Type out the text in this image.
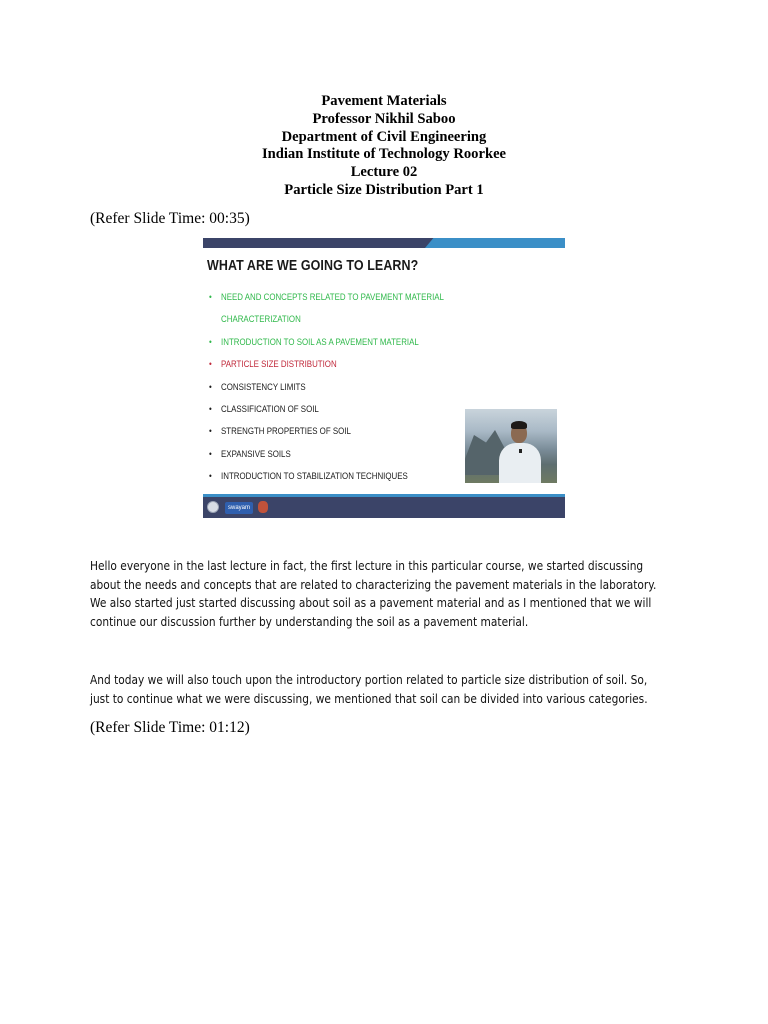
Pavement Materials
Professor Nikhil Saboo
Department of Civil Engineering
Indian Institute of Technology Roorkee
Lecture 02
Particle Size Distribution Part 1
(Refer Slide Time: 00:35)
WHAT ARE WE GOING TO LEARN?
• NEED AND CONCEPTS RELATED TO PAVEMENT MATERIAL
CHARACTERIZATION
• INTRODUCTION TO SOIL AS A PAVEMENT MATERIAL
• PARTICLE SIZE DISTRIBUTION
• CONSISTENCY LIMITS
• CLASSIFICATION OF SOIL
• STRENGTH PROPERTIES OF SOIL
• EXPANSIVE SOILS
• INTRODUCTION TO STABILIZATION TECHNIQUES
swayam
Hello everyone in the last lecture in fact, the first lecture in this particular course, we started discussing
about the needs and concepts that are related to characterizing the pavement materials in the laboratory.
We also started just started discussing about soil as a pavement material and as I mentioned that we will
continue our discussion further by understanding the soil as a pavement material.
And today we will also touch upon the introductory portion related to particle size distribution of soil. So,
just to continue what we were discussing, we mentioned that soil can be divided into various categories.
(Refer Slide Time: 01:12)
